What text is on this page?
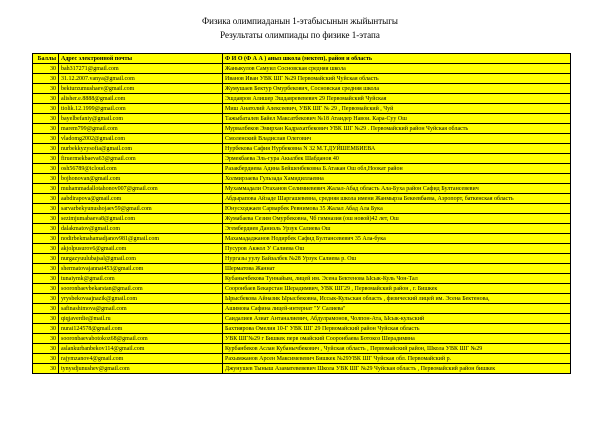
Физика олимпиаданын 1-этабысынын жыйынтыгы
Результаты олимпиады по физике 1-этапа
Баллы	Адрес электронной почты	Ф И О (Ф А А ) аныз школа (мектеп), район и область
30	bah317271@gmail.com	Жаныкулов Самуил Сосновская средняя школа
30	31.12.2007.vanya@gmail.com	Иванов Иван УВК ШГ №29 Первомайский Чуйская область
30	bekturzumushaev@gmail.com	Жумушаев Бектур Омурбекович, Сосновская средняя школа
30	alisher.e.8888@gmail.com	Эшдавров Алишер Эшдавревевевич 29 Первомайский Чуйская
30	tiolik.12.1999@gmail.com	Миш Анатолий Алексеевич, УВК ШГ № 29 , Первомайский , Чуй
30	bayelbefaniy@gmail.com	Тажыбаталев Байел Максатбекович №18 Атаидер Навои. Кара-Суу Ош
30	marem799@gmail.com	Мурвалбеков Эмирхан Кадрахатбекович УВК ШГ №29 . Первомайский район Чуйская область
30	vladomg2002@gmail.com	Смоленский Владислав Олегович
30	nurbekkyzysofia@gmail.com	Нурбекова Сафия Нурбековна N 32 М.Т.ДУЙШЕМБИЕВА
30	firuermekbaeva63@gmail.com	Эрмекбаева Эль-гура Акылбек Шабданов 40
30	osh56789@icloud.com	Разакбердиева Адина Бейшенбековна Б.Атакан Ош обл,Ноокат район
30	bojhonovan@gmail.com	Холмирзаева Гульзада Хамидиллаевна
30	muhammadallotahonov007@gmail.com	Мухаммадали Отаханов Селимиевевич Жалал-Абад область Ала-Буха район Сафид Бултансевевич
30	aabdirapova@gmail.com	Абдырапова Айзаде Шаргашевевна, средняя школа имени Жанмырза Бекеевбаева, Аэропорт, баткенская область
30	sarvarbekyunushojaev59@gmail.com	Юнусходжаев Сарварбек Ревнимова 35 Жалал Абад Ала Букa
30	sezimjumabaeva8@gmail.com	Жумабаева Сезим Омурбековна, Чб гимназия (ош новой)42 лет, Ош
30	dalakmatov@gmail.com	Эгембердиев Даниэль Урзук Салиева Ош
30	nodirbekmahamadjanov981@gmail.com	Махамададжанов Нодирбек Сафид Бултансевевич 35 Ала-бука
30	akjolpusurov6@gmail.com	Пусуров Акжол У Салиева Ош
30	nurgazyuulubajsal@gmail.com	Нургазы уулу Байзалбек №28 Урзук Салиева р. Ош
30	shermatovajannat453@gmail.com	Шерматова Жаннат
30	tunaiymk@gmail.com	Кубанычбекова Туннайым, лицей им. Эсена Бектенова Ысык-Куль Чон-Тал
30	sooronbaevbekarstan@gmail.com	Сооронбаев Бекарстан Шерадимвич, УВК ШГ29 , Первомайский район , г. Бишкек
30	yrysbekovaajnazik@gmail.com	Ырысбекова Айназик Ырысбековна, Иссык-Кульская область , физический лицей им. Эсена Бектенова,
30	safinashimova@gmail.com	Ашимова Сафина лицей-интернат "У Салиева"
30	qiqjaverdie@mail.ru	Саидалиев Азиат Антаналиевич, Абдулрамонов, Чолпон-Ата, Ысык-кульский
30	nurai124578@gmail.com	Бахтиярова Омелия 10-Г УВК ШГ 29 Первомайский район Чуйская область
30	sooronbaevabotokoz68@gmail.com	УВК ШГ№29 г Бишкек перв омайский Сооронбаева Ботокоз Шерадимвна
30	aslankurbanbekov114@gmail.com	Курбанбеков Аслан Кубанычбекович , Чуйская область , Первомайский район, Школа УВК ШГ №29
30	rajymzanov4@gmail.com	Рахымжанов Арсен Максимевевич Бишкек №29УВК ШГ Чуйская обл. Первомайский р.
30	tynysdjunushev@gmail.com	Джунушев Тыныш Азаматевевевич Школа УВК ШГ №29 Чуйская область , Первомайский район бишкек
